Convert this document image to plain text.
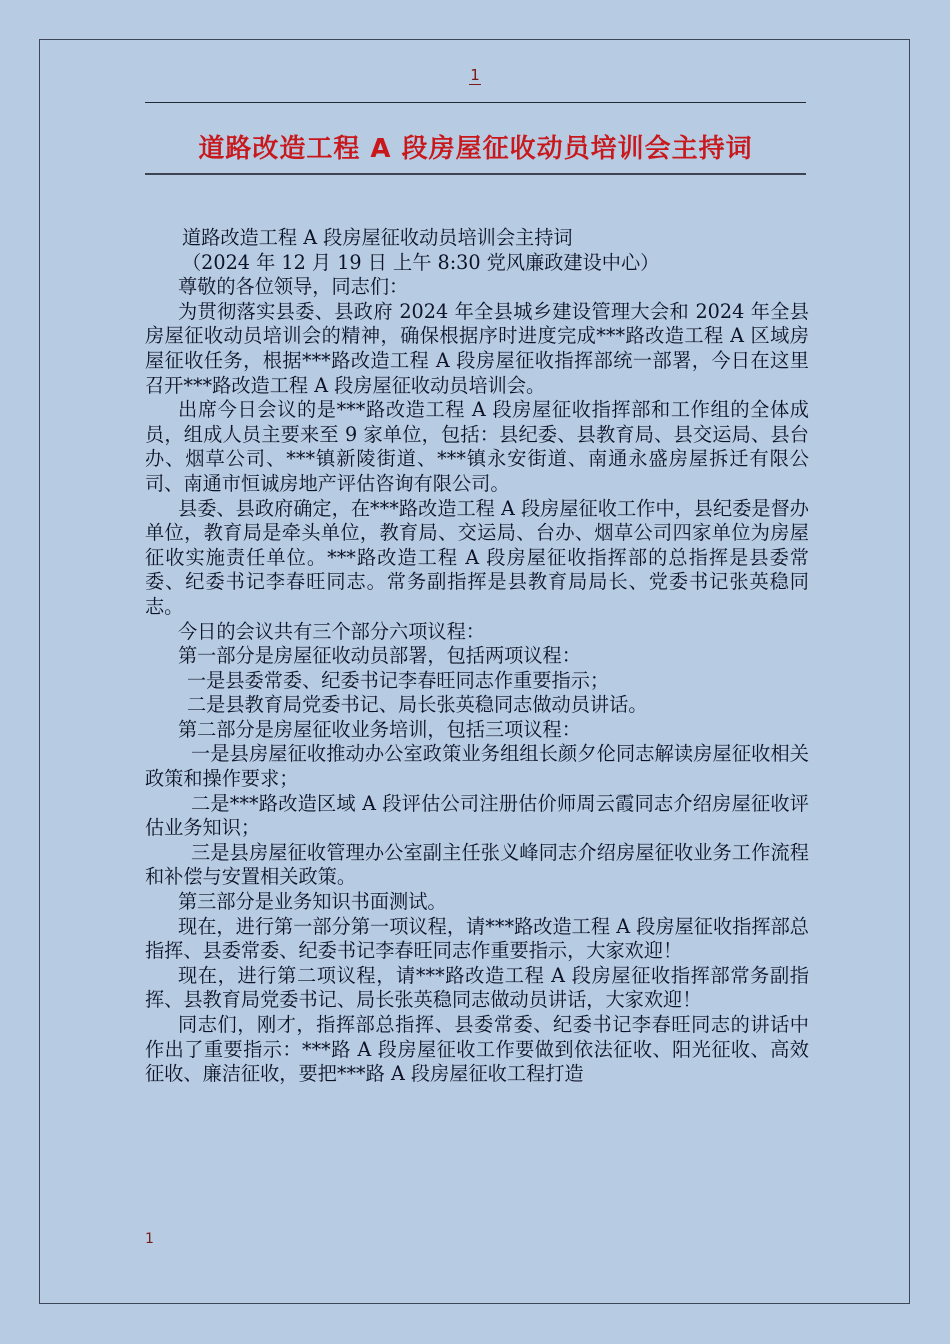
1
道路改造工程 A 段房屋征收动员培训会主持词

道路改造工程 A 段房屋征收动员培训会主持词

（2024 年 12 月 19 日 上午 8:30 党风廉政建设中心）

尊敬的各位领导，同志们：

为贯彻落实县委、县政府 2024 年全县城乡建设管理大会和 2024 年全县房屋征收动员培训会的精神，确保根据序时进度完成***路改造工程 A 区域房屋征收任务，根据***路改造工程 A 段房屋征收指挥部统一部署，今日在这里召开***路改造工程 A 段房屋征收动员培训会。

出席今日会议的是***路改造工程 A 段房屋征收指挥部和工作组的全体成员，组成人员主要来至 9 家单位，包括：县纪委、县教育局、县交运局、县台办、烟草公司、***镇新陵街道、***镇永安街道、南通永盛房屋拆迁有限公司、南通市恒诚房地产评估咨询有限公司。

县委、县政府确定，在***路改造工程 A 段房屋征收工作中，县纪委是督办单位，教育局是牵头单位，教育局、交运局、台办、烟草公司四家单位为房屋征收实施责任单位。***路改造工程 A 段房屋征收指挥部的总指挥是县委常委、纪委书记李春旺同志。常务副指挥是县教育局局长、党委书记张英稳同志。

今日的会议共有三个部分六项议程：

第一部分是房屋征收动员部署，包括两项议程：

一是县委常委、纪委书记李春旺同志作重要指示；

二是县教育局党委书记、局长张英稳同志做动员讲话。

第二部分是房屋征收业务培训，包括三项议程：

一是县房屋征收推动办公室政策业务组组长颜夕伦同志解读房屋征收相关政策和操作要求；

二是***路改造区域 A 段评估公司注册估价师周云霞同志介绍房屋征收评估业务知识；

三是县房屋征收管理办公室副主任张义峰同志介绍房屋征收业务工作流程和补偿与安置相关政策。

第三部分是业务知识书面测试。

现在，进行第一部分第一项议程，请***路改造工程 A 段房屋征收指挥部总指挥、县委常委、纪委书记李春旺同志作重要指示，大家欢迎！

现在，进行第二项议程，请***路改造工程 A 段房屋征收指挥部常务副指挥、县教育局党委书记、局长张英稳同志做动员讲话，大家欢迎！

同志们，刚才，指挥部总指挥、县委常委、纪委书记李春旺同志的讲话中作出了重要指示：***路 A 段房屋征收工作要做到依法征收、阳光征收、高效征收、廉洁征收，要把***路 A 段房屋征收工程打造

1
